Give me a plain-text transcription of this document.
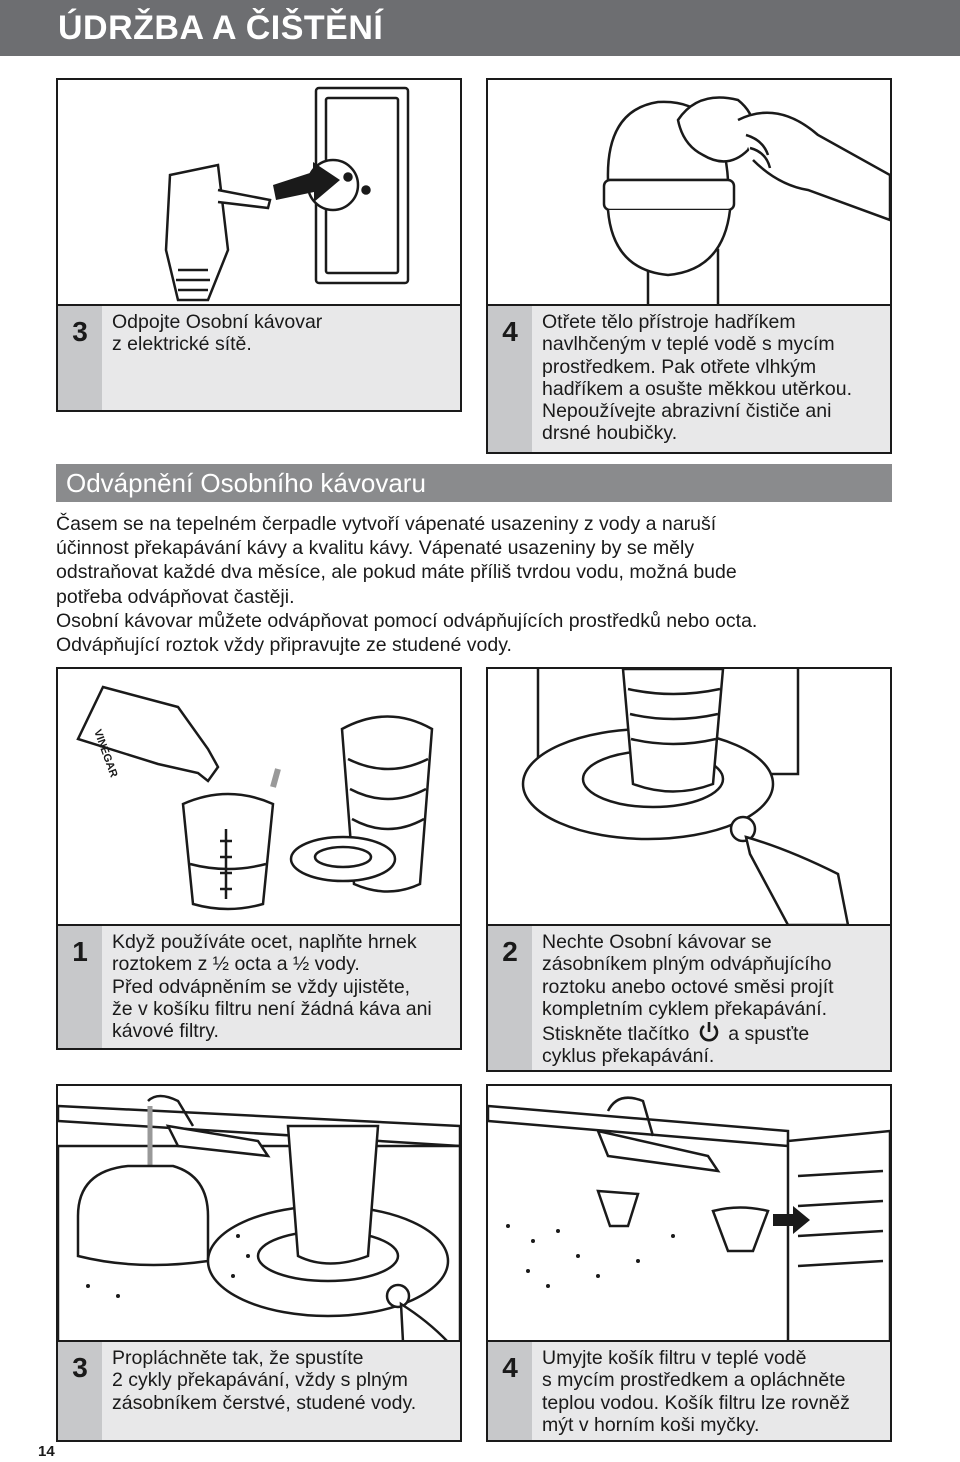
ÚDRŽBA A ČIŠTĚNÍ
3	Odpojte Osobní kávovar
z elektrické sítě.	4	Otřete tělo přístroje hadříkem
navlhčeným v teplé vodě s mycím
prostředkem. Pak otřete vlhkým
hadříkem a osušte měkkou utěrkou.
Nepoužívejte abrazivní čističe ani
drsné houbičky.
Odvápnění Osobního kávovaru

Časem se na tepelném čerpadle vytvoří vápenaté usazeniny z vody a naruší
účinnost překapávání kávy a kvalitu kávy. Vápenaté usazeniny by se měly
odstraňovat každé dva měsíce, ale pokud máte příliš tvrdou vodu, možná bude
potřeba odvápňovat častěji.

Osobní kávovar můžete odvápňovat pomocí odvápňujících prostředků nebo octa.
Odvápňující roztok vždy připravujte ze studené vody.

VINEGAR
1	Když používáte ocet, naplňte hrnek
roztokem z ½ octa a ½ vody.
Před odvápněním se vždy ujistěte,
že v košíku filtru není žádná káva ani
kávové filtry.
2	Nechte Osobní kávovar se
zásobníkem plným odvápňujícího
roztoku anebo octové směsi projít
kompletním cyklem překapávání.
Stiskněte tlačítko a spusťte
cyklus překapávání.
3	Propláchněte tak, že spustíte
2 cykly překapávání, vždy s plným
zásobníkem čerstvé, studené vody.
4	Umyjte košík filtru v teplé vodě
s mycím prostředkem a opláchněte
teplou vodou. Košík filtru lze rovněž
mýt v horním koši myčky.
14
